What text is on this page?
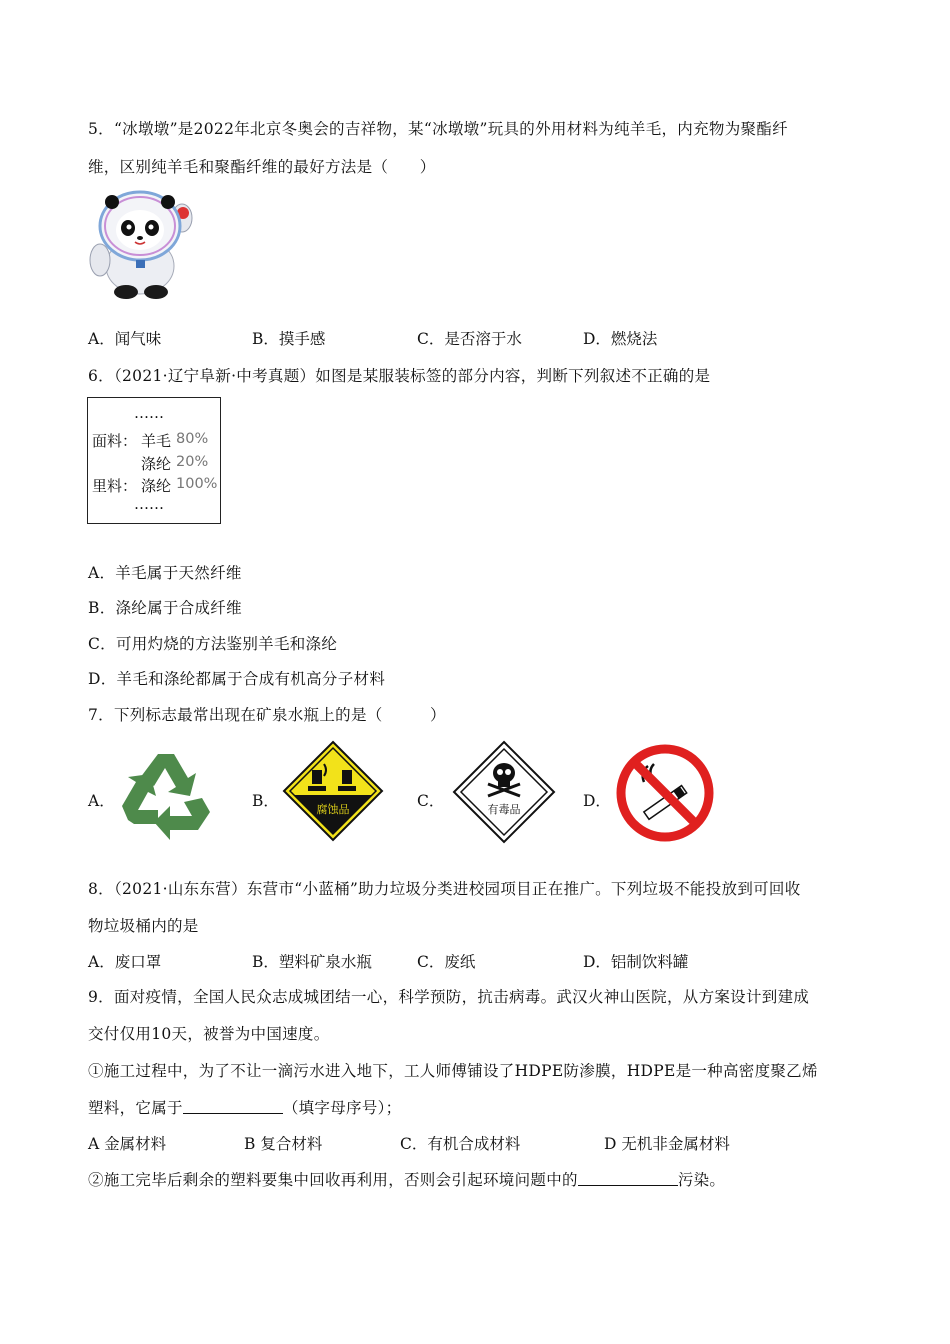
5．“冰墩墩”是2022年北京冬奥会的吉祥物，某“冰墩墩”玩具的外用材料为纯羊毛，内充物为聚酯纤
维，区别纯羊毛和聚酯纤维的最好方法是（　　）
A．闻气味	B．摸手感	C．是否溶于水	D．燃烧法
6．（2021·辽宁阜新·中考真题）如图是某服装标签的部分内容，判断下列叙述不正确的是
……
面料： 羊毛 80%
涤纶 20%
里料： 涤纶 100%
……
A．羊毛属于天然纤维
B．涤纶属于合成纤维
C．可用灼烧的方法鉴别羊毛和涤纶
D．羊毛和涤纶都属于合成有机高分子材料
7．下列标志最常出现在矿泉水瓶上的是（　　　）
A．	B．	腐蚀品	C．	有毒品	D．
8．（2021·山东东营）东营市“小蓝桶”助力垃圾分类进校园项目正在推广。下列垃圾不能投放到可回收
物垃圾桶内的是
A．废口罩	B．塑料矿泉水瓶	C．废纸	D．铝制饮料罐
9．面对疫情，全国人民众志成城团结一心，科学预防，抗击病毒。武汉火神山医院，从方案设计到建成
交付仅用10天，被誉为中国速度。
①施工过程中，为了不让一滴污水进入地下，工人师傅铺设了HDPE防渗膜，HDPE是一种高密度聚乙烯
塑料，它属于	（填字母序号）；
A 金属材料	B 复合材料	C．有机合成材料	D 无机非金属材料
②施工完毕后剩余的塑料要集中回收再利用，否则会引起环境问题中的	污染。
